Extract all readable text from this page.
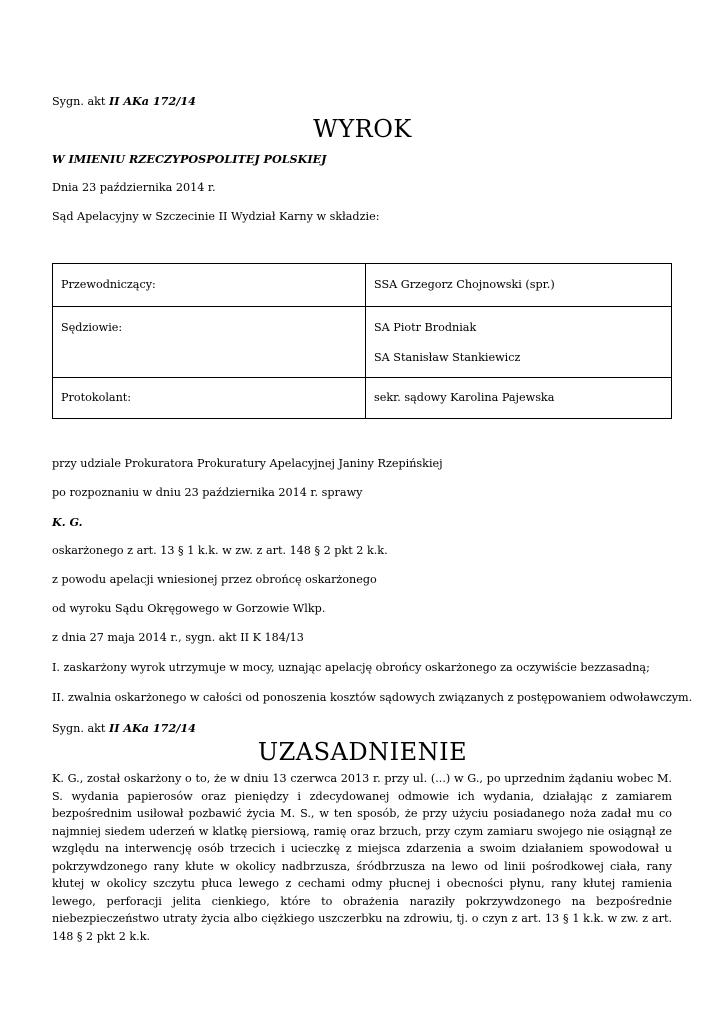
Sygn. akt II AKa 172/14
WYROK
W IMIENIU RZECZYPOSPOLITEJ POLSKIEJ
Dnia 23 października 2014 r.
Sąd Apelacyjny w Szczecinie II Wydział Karny w składzie:
Przewodniczący:	SSA Grzegorz Chojnowski (spr.)

Sędziowie:	SA Piotr Brodniak
SA Stanisław Stankiewicz

Protokolant:	sekr. sądowy Karolina Pajewska
przy udziale Prokuratora Prokuratury Apelacyjnej Janiny Rzepińskiej
po rozpoznaniu w dniu 23 października 2014 r. sprawy
K. G.
oskarżonego z art. 13 § 1 k.k. w zw. z art. 148 § 2 pkt 2 k.k.
z powodu apelacji wniesionej przez obrońcę oskarżonego
od wyroku Sądu Okręgowego w Gorzowie Wlkp.
z dnia 27 maja 2014 r., sygn. akt II K 184/13
I. zaskarżony wyrok utrzymuje w mocy, uznając apelację obrońcy oskarżonego za oczywiście bezzasadną;
II. zwalnia oskarżonego w całości od ponoszenia kosztów sądowych związanych z postępowaniem odwoławczym.
Sygn. akt II AKa 172/14
UZASADNIENIE
K. G., został oskarżony o to, że w dniu 13 czerwca 2013 r. przy ul. (...) w G., po uprzednim żądaniu wobec M. S. wydania papierosów oraz pieniędzy i zdecydowanej odmowie ich wydania, działając z zamiarem bezpośrednim usiłował pozbawić życia M. S., w ten sposób, że przy użyciu posiadanego noża zadał mu co najmniej siedem uderzeń w klatkę piersiową, ramię oraz brzuch, przy czym zamiaru swojego nie osiągnął ze względu na interwencję osób trzecich i ucieczkę z miejsca zdarzenia a swoim działaniem spowodował u pokrzywdzonego rany kłute w okolicy nadbrzusza, śródbrzusza na lewo od linii pośrodkowej ciała, rany kłutej w okolicy szczytu płuca lewego z cechami odmy płucnej i obecności płynu, rany kłutej ramienia lewego, perforacji jelita cienkiego, które to obrażenia naraziły pokrzywdzonego na bezpośrednie niebezpieczeństwo utraty życia albo ciężkiego uszczerbku na zdrowiu, tj. o czyn z art. 13 § 1 k.k. w zw. z art. 148 § 2 pkt 2 k.k.
